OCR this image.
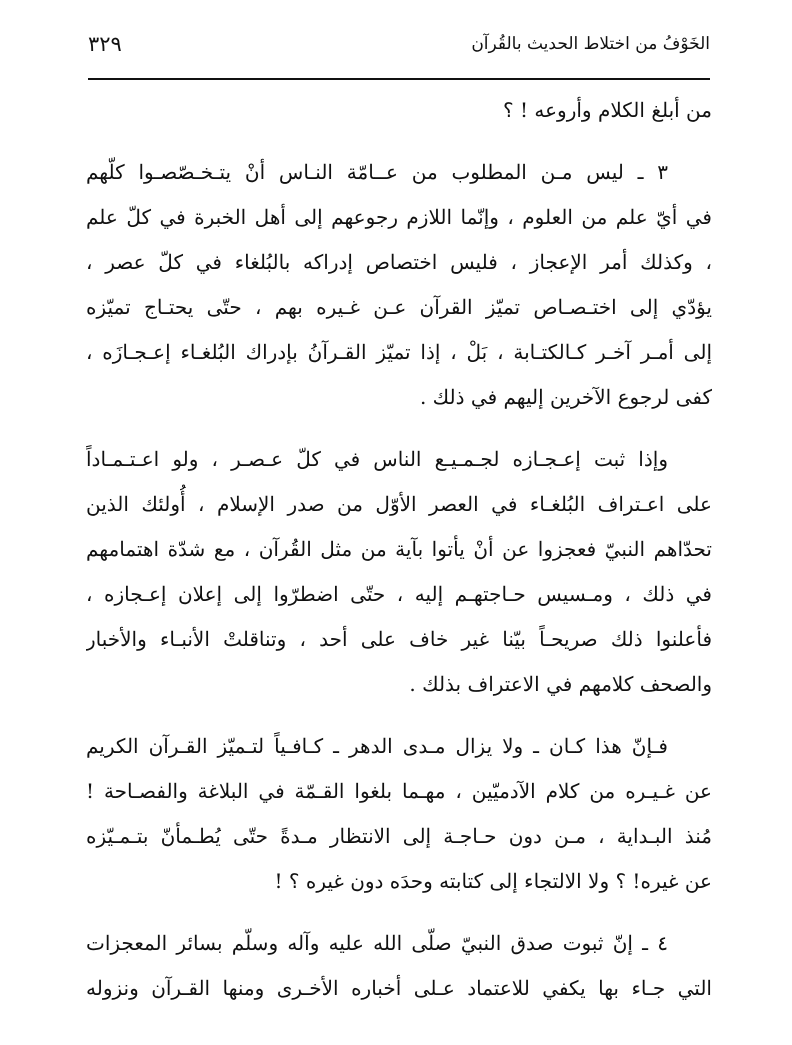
الخَوْفُ من اختلاط الحديث بالقُرآن
٣٢٩
من أبلغ الكلام وأروعه ! ؟
٣ ـ ليس مـن المطلوب من عــامّة النـاس أنْ يتـخـصّصـوا كلّهم
في أيّ علم من العلوم ، وإنّما اللازم رجوعهم إلى أهل الخبرة في كلّ علم
، وكذلك أمر الإعجاز ، فليس اختصاص إدراكه بالبُلغاء في كلّ عصر ،
يؤدّي إلى اختـصـاص تميّز القرآن عـن غـيره بهم ، حتّى يحتـاج تميّزه
إلى أمـر آخـر كـالكتـابة ، بَلْ ، إذا تميّز القـرآنُ بإدراك البُلغـاء إعـجـازَه ،
كفى لرجوع الآخرين إليهم في ذلك .
وإذا ثبت إعـجـازه لجـمـيـع الناس في كلّ عـصـر ، ولو اعـتـمـاداً
على اعـتراف البُلغـاء في العصر الأوّل من صدر الإسلام ، أُولئك الذين
تحدّاهم النبيّ فعجزوا عن أنْ يأتوا بآية من مثل القُرآن ، مع شدّة اهتمامهم
في ذلك ، ومـسيس حـاجتهـم إليه ، حتّى اضطرّوا إلى إعلان إعـجازه ،
فأعلنوا ذلك صريحـاً بيّنا غير خاف على أحد ، وتناقلتْ الأنبـاء والأخبار
والصحف كلامهم في الاعتراف بذلك .
فـإنّ هذا كـان ـ ولا يزال مـدى الدهر ـ كـافـياً لتـميّز القـرآن الكريم
عن غـيـره من كلام الآدميّين ، مهـما بلغوا القـمّة في البلاغة والفصـاحة !
مُنذ البـداية ، مـن دون حـاجـة إلى الانتظار مـدةً حتّى يُطـمأنّ بتـمـيّزه
عن غيره! ؟ ولا الالتجاء إلى كتابته وحدَه دون غيره ؟ !
٤ ـ إنّ ثبوت صدق النبيّ صلّى الله عليه وآله وسلّم بسائر المعجزات
التي جـاء بها يكفي للاعتماد عـلى أخباره الأخـرى ومنها القـرآن ونزوله
